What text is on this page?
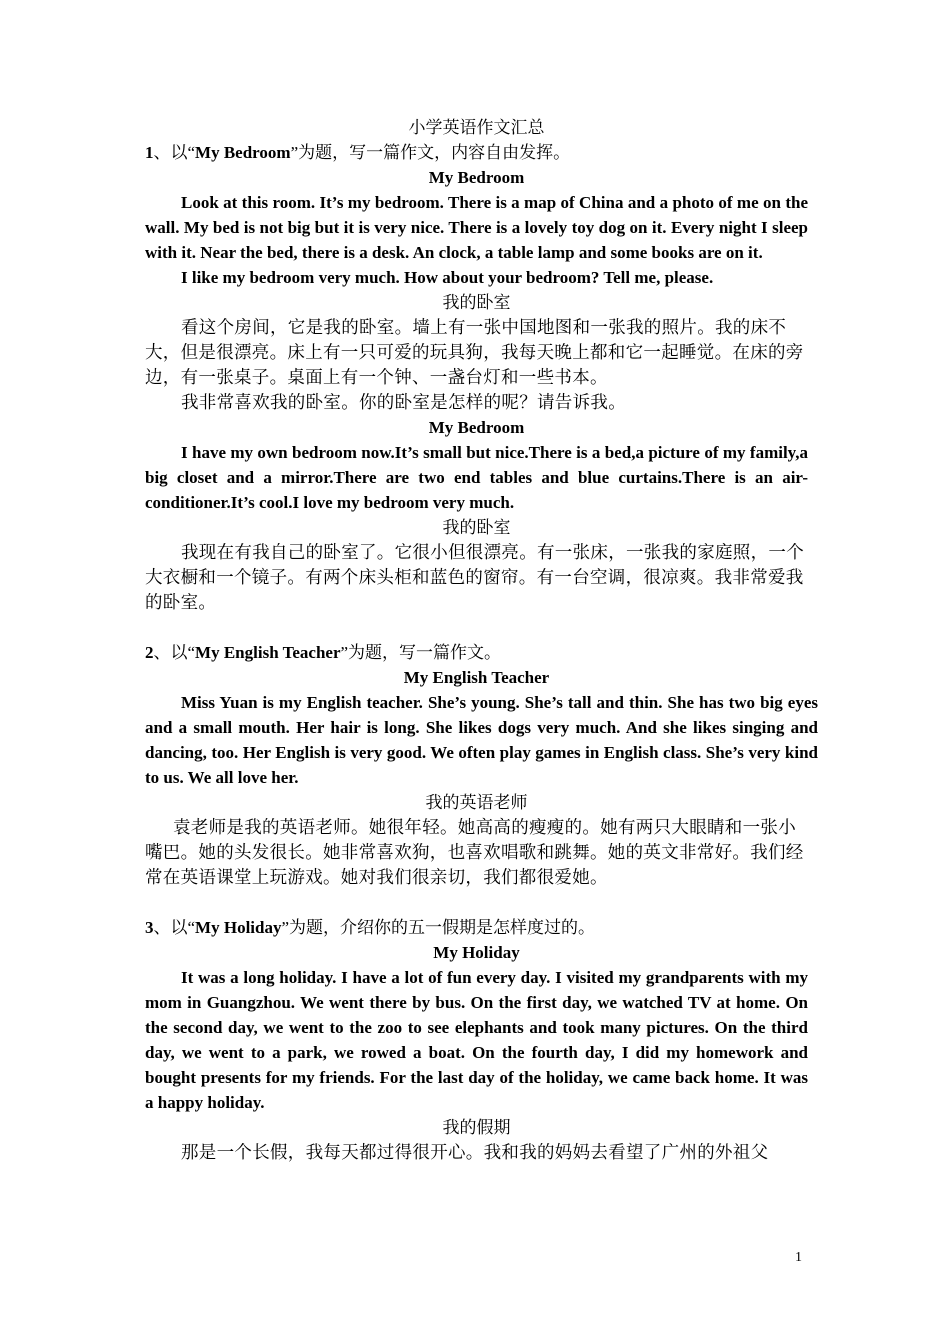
小学英语作文汇总
1、以“My Bedroom”为题，写一篇作文，内容自由发挥。
My Bedroom
Look at this room. It’s my bedroom. There is a map of China and a photo of me on the wall. My bed is not big but it is very nice. There is a lovely toy dog on it. Every night I sleep with it. Near the bed, there is a desk. An clock, a table lamp and some books are on it.
I like my bedroom very much. How about your bedroom? Tell me, please.
我的卧室
看这个房间，它是我的卧室。墙上有一张中国地图和一张我的照片。我的床不大，但是很漂亮。床上有一只可爱的玩具狗，我每天晚上都和它一起睡觉。在床的旁边，有一张桌子。桌面上有一个钟、一盏台灯和一些书本。
我非常喜欢我的卧室。你的卧室是怎样的呢？请告诉我。
My Bedroom
I have my own bedroom now.It’s small but nice.There is a bed,a picture of my family,a big closet and a mirror.There are two end tables and blue curtains.There is an air-conditioner.It’s cool.I love my bedroom very much.
我的卧室
我现在有我自己的卧室了。它很小但很漂亮。有一张床，一张我的家庭照，一个大衣橱和一个镜子。有两个床头柜和蓝色的窗帘。有一台空调，很凉爽。我非常爱我的卧室。
2、以“My English Teacher”为题，写一篇作文。
My English Teacher
Miss Yuan is my English teacher. She’s young. She’s tall and thin. She has two big eyes and a small mouth. Her hair is long. She likes dogs very much. And she likes singing and dancing, too. Her English is very good. We often play games in English class. She’s very kind to us. We all love her.
我的英语老师
袁老师是我的英语老师。她很年轻。她高高的瘦瘦的。她有两只大眼睛和一张小嘴巴。她的头发很长。她非常喜欢狗，也喜欢唱歌和跳舞。她的英文非常好。我们经常在英语课堂上玩游戏。她对我们很亲切，我们都很爱她。
3、以“My Holiday”为题，介绍你的五一假期是怎样度过的。
My Holiday
It was a long holiday. I have a lot of fun every day. I visited my grandparents with my mom in Guangzhou. We went there by bus. On the first day, we watched TV at home. On the second day, we went to the zoo to see elephants and took many pictures. On the third day, we went to a park, we rowed a boat. On the fourth day, I did my homework and bought presents for my friends. For the last day of the holiday, we came back home. It was a happy holiday.
我的假期
那是一个长假，我每天都过得很开心。我和我的妈妈去看望了广州的外祖父
1
